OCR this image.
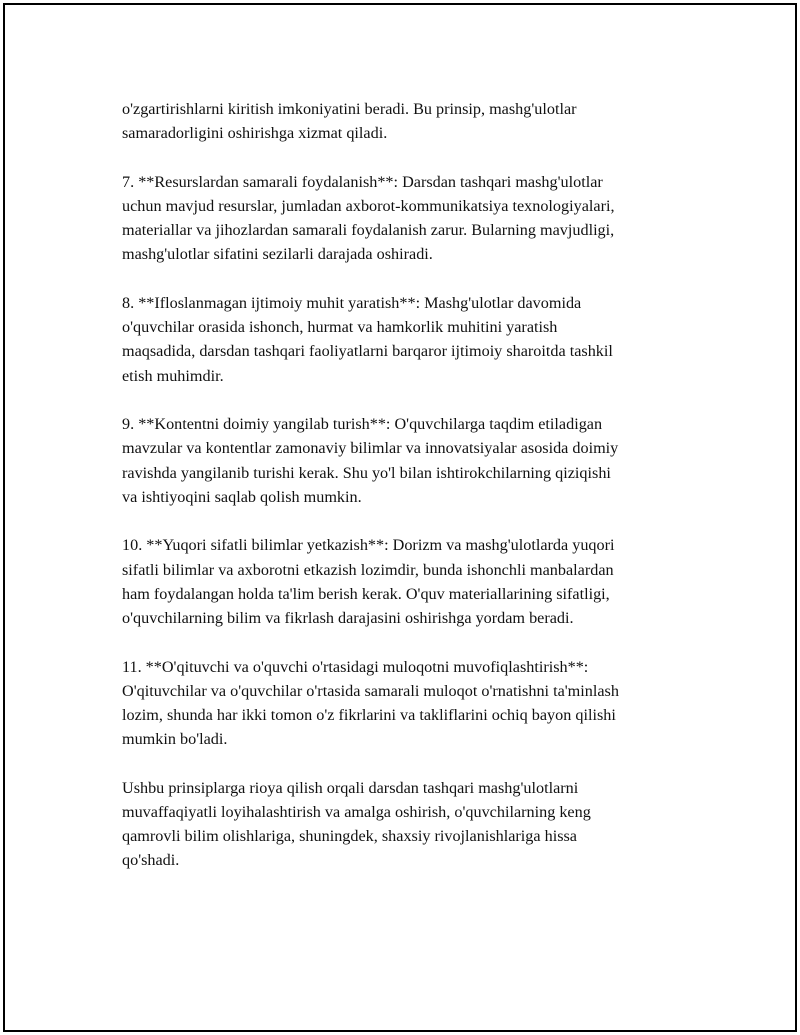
o'zgartirishlarni kiritish imkoniyatini beradi. Bu prinsip, mashg'ulotlar
samaradorligini oshirishga xizmat qiladi.

7. **Resurslardan samarali foydalanish**: Darsdan tashqari mashg'ulotlar
uchun mavjud resurslar, jumladan axborot-kommunikatsiya texnologiyalari,
materiallar va jihozlardan samarali foydalanish zarur. Bularning mavjudligi,
mashg'ulotlar sifatini sezilarli darajada oshiradi.

8. **Ifloslanmagan ijtimoiy muhit yaratish**: Mashg'ulotlar davomida
o'quvchilar orasida ishonch, hurmat va hamkorlik muhitini yaratish
maqsadida, darsdan tashqari faoliyatlarni barqaror ijtimoiy sharoitda tashkil
etish muhimdir.

9. **Kontentni doimiy yangilab turish**: O'quvchilarga taqdim etiladigan
mavzular va kontentlar zamonaviy bilimlar va innovatsiyalar asosida doimiy
ravishda yangilanib turishi kerak. Shu yo'l bilan ishtirokchilarning qiziqishi
va ishtiyoqini saqlab qolish mumkin.

10. **Yuqori sifatli bilimlar yetkazish**: Dorizm va mashg'ulotlarda yuqori
sifatli bilimlar va axborotni etkazish lozimdir, bunda ishonchli manbalardan
ham foydalangan holda ta'lim berish kerak. O'quv materiallarining sifatligi,
o'quvchilarning bilim va fikrlash darajasini oshirishga yordam beradi.

11. **O'qituvchi va o'quvchi o'rtasidagi muloqotni muvofiqlashtirish**:
O'qituvchilar va o'quvchilar o'rtasida samarali muloqot o'rnatishni ta'minlash
lozim, shunda har ikki tomon o'z fikrlarini va takliflarini ochiq bayon qilishi
mumkin bo'ladi.

Ushbu prinsiplarga rioya qilish orqali darsdan tashqari mashg'ulotlarni
muvaffaqiyatli loyihalashtirish va amalga oshirish, o'quvchilarning keng
qamrovli bilim olishlariga, shuningdek, shaxsiy rivojlanishlariga hissa
qo'shadi.
